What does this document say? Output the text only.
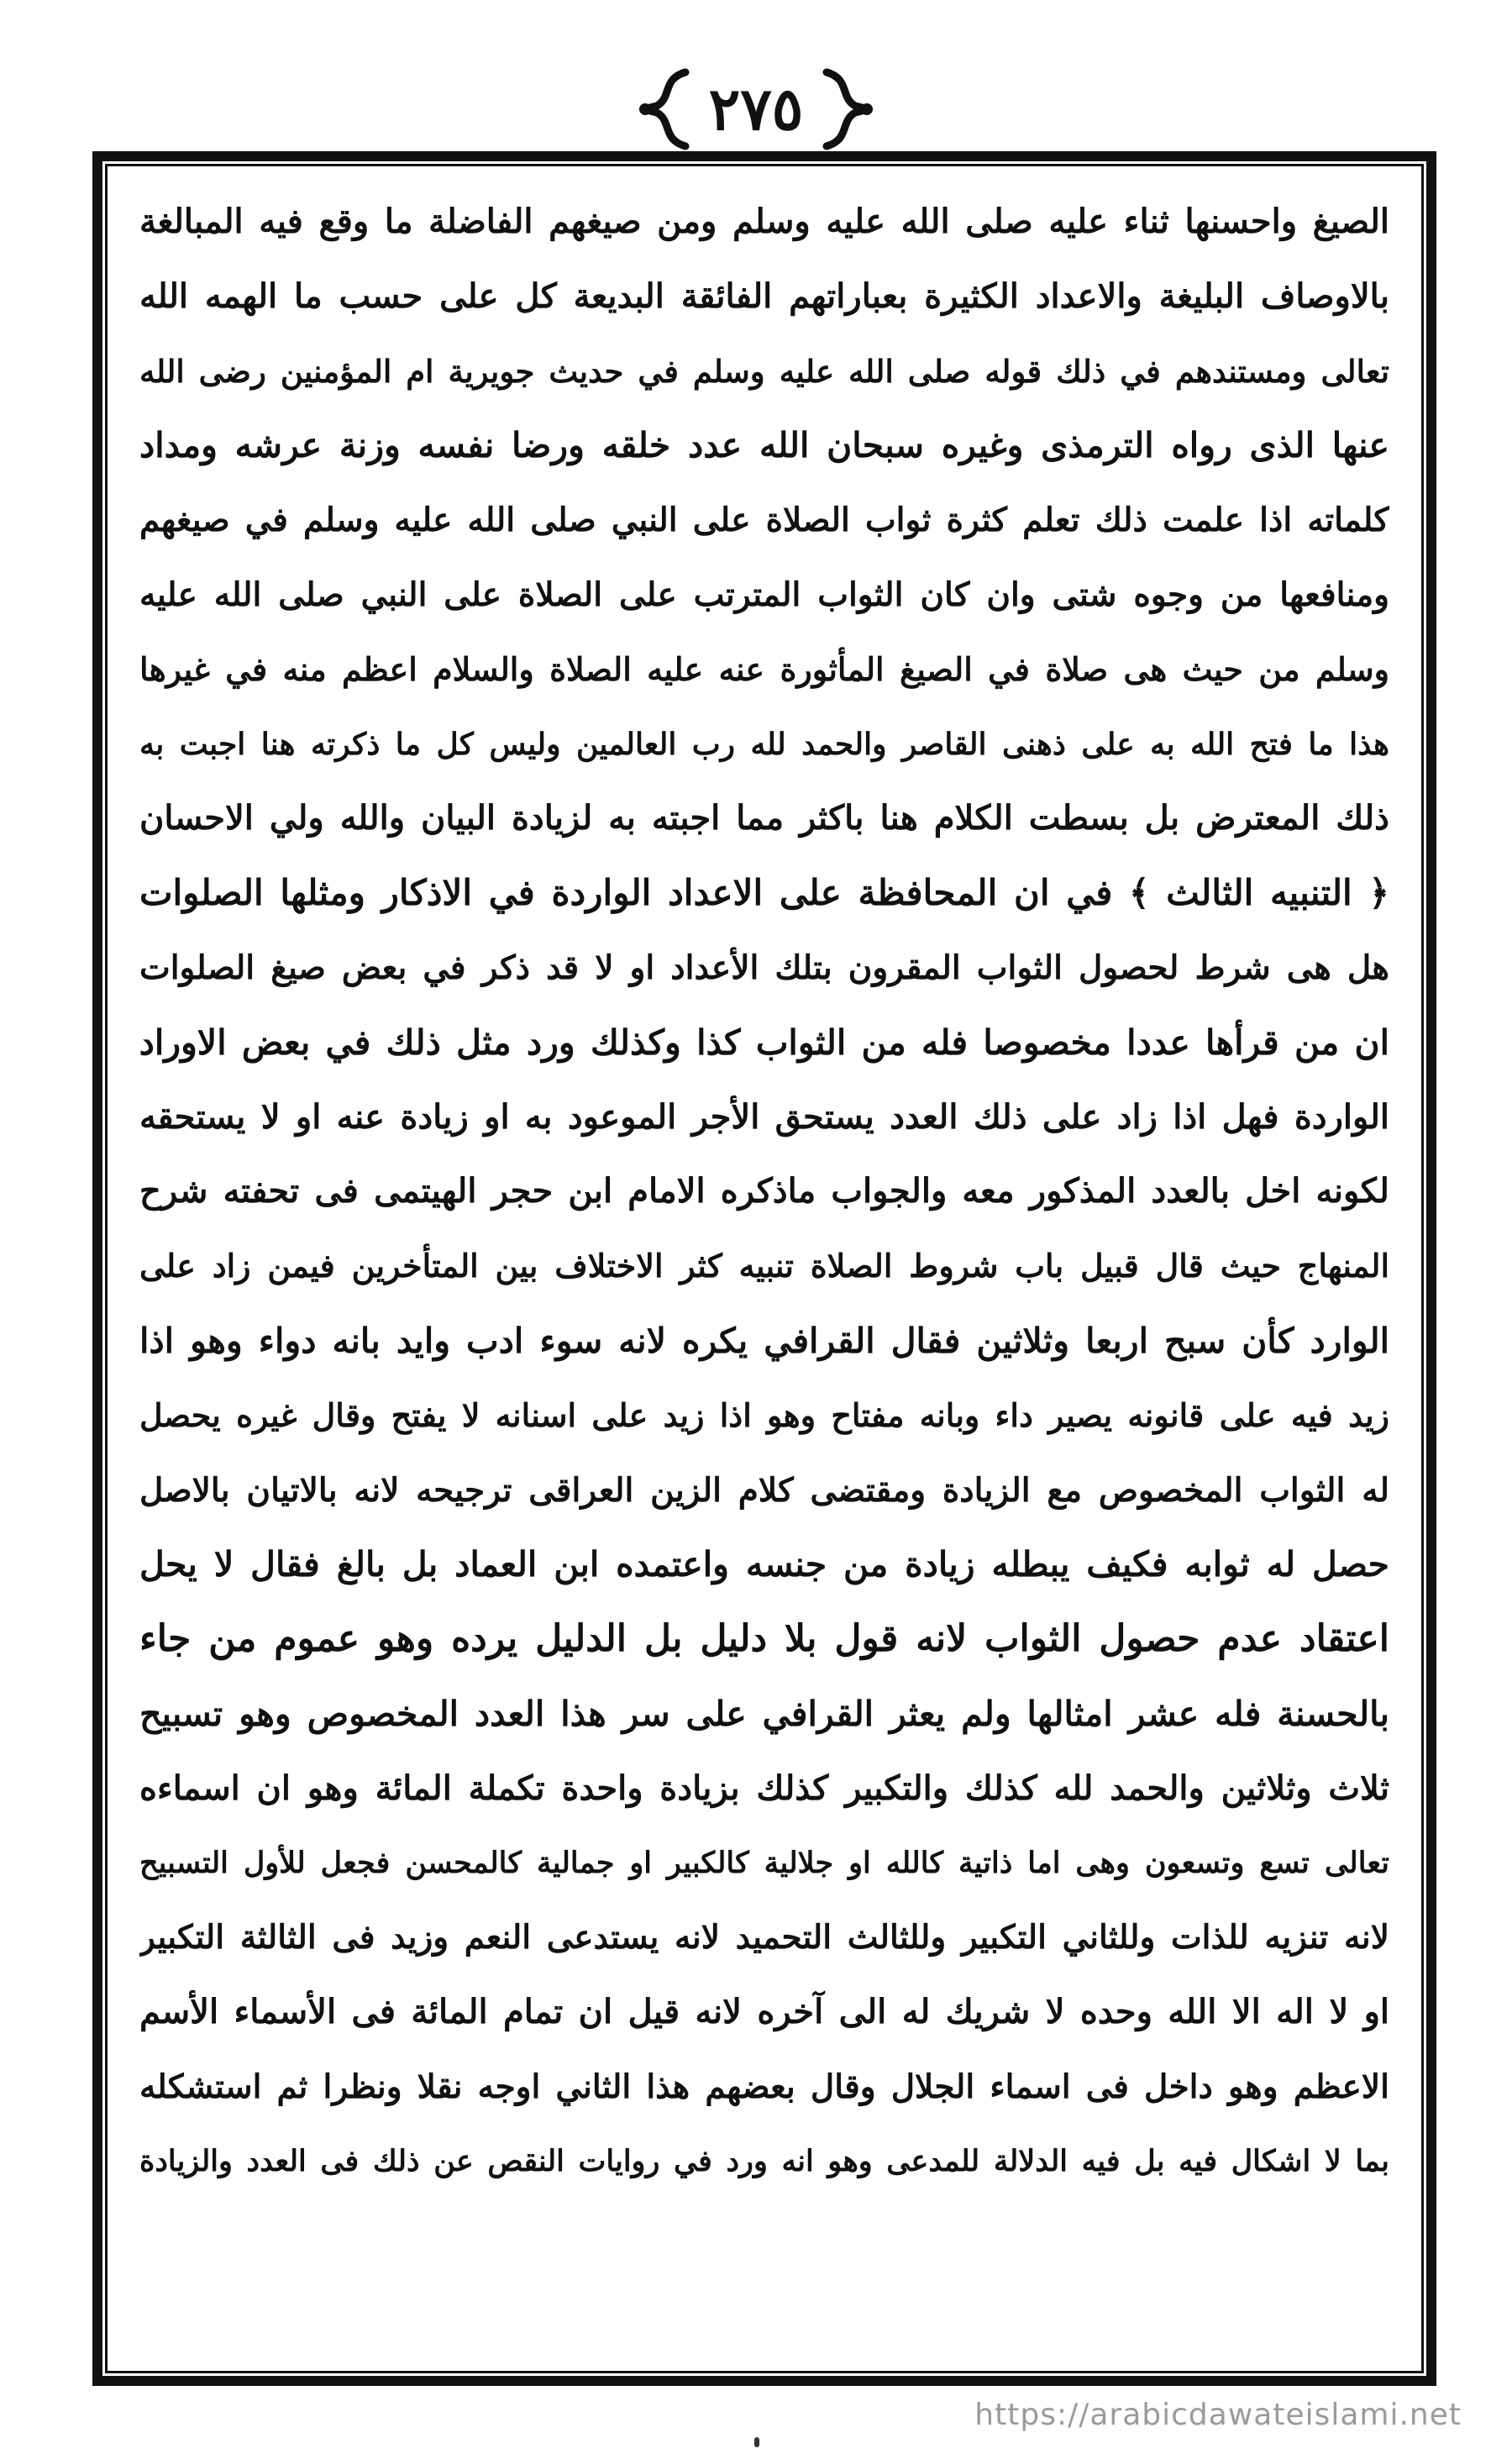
٢٧٥
الصيغ واحسنها ثناء عليه صلى الله عليه وسلم ومن صيغهم الفاضلة ما وقع فيه المبالغة
بالاوصاف البليغة والاعداد الكثيرة بعباراتهم الفائقة البديعة كل على حسب ما الهمه الله
تعالى ومستندهم في ذلك قوله صلى الله عليه وسلم في حديث جويرية ام المؤمنين رضى الله
عنها الذى رواه الترمذى وغيره سبحان الله عدد خلقه ورضا نفسه وزنة عرشه ومداد
كلماته اذا علمت ذلك تعلم كثرة ثواب الصلاة على النبي صلى الله عليه وسلم في صيغهم
ومنافعها من وجوه شتى وان كان الثواب المترتب على الصلاة على النبي صلى الله عليه
وسلم من حيث هى صلاة في الصيغ المأثورة عنه عليه الصلاة والسلام اعظم منه في غيرها
هذا ما فتح الله به على ذهنى القاصر والحمد لله رب العالمين وليس كل ما ذكرته هنا اجبت به
ذلك المعترض بل بسطت الكلام هنا باكثر مما اجبته به لزيادة البيان والله ولي الاحسان
﴿ التنبيه الثالث ﴾ في ان المحافظة على الاعداد الواردة في الاذكار ومثلها الصلوات
هل هى شرط لحصول الثواب المقرون بتلك الأعداد او لا قد ذكر في بعض صيغ الصلوات
ان من قرأها عددا مخصوصا فله من الثواب كذا وكذلك ورد مثل ذلك في بعض الاوراد
الواردة فهل اذا زاد على ذلك العدد يستحق الأجر الموعود به او زيادة عنه او لا يستحقه
لكونه اخل بالعدد المذكور معه والجواب ماذكره الامام ابن حجر الهيتمى فى تحفته شرح
المنهاج حيث قال قبيل باب شروط الصلاة تنبيه كثر الاختلاف بين المتأخرين فيمن زاد على
الوارد كأن سبح اربعا وثلاثين فقال القرافي يكره لانه سوء ادب وايد بانه دواء وهو اذا
زيد فيه على قانونه يصير داء وبانه مفتاح وهو اذا زيد على اسنانه لا يفتح وقال غيره يحصل
له الثواب المخصوص مع الزيادة ومقتضى كلام الزين العراقى ترجيحه لانه بالاتيان بالاصل
حصل له ثوابه فكيف يبطله زيادة من جنسه واعتمده ابن العماد بل بالغ فقال لا يحل
اعتقاد عدم حصول الثواب لانه قول بلا دليل بل الدليل يرده وهو عموم من جاء
بالحسنة فله عشر امثالها ولم يعثر القرافي على سر هذا العدد المخصوص وهو تسبيح
ثلاث وثلاثين والحمد لله كذلك والتكبير كذلك بزيادة واحدة تكملة المائة وهو ان اسماءه
تعالى تسع وتسعون وهى اما ذاتية كالله او جلالية كالكبير او جمالية كالمحسن فجعل للأول التسبيح
لانه تنزيه للذات وللثاني التكبير وللثالث التحميد لانه يستدعى النعم وزيد فى الثالثة التكبير
او لا اله الا الله وحده لا شريك له الى آخره لانه قيل ان تمام المائة فى الأسماء الأسم
الاعظم وهو داخل فى اسماء الجلال وقال بعضهم هذا الثاني اوجه نقلا ونظرا ثم استشكله
بما لا اشكال فيه بل فيه الدلالة للمدعى وهو انه ورد في روايات النقص عن ذلك فى العدد والزيادة
https://arabicdawateislami.net
